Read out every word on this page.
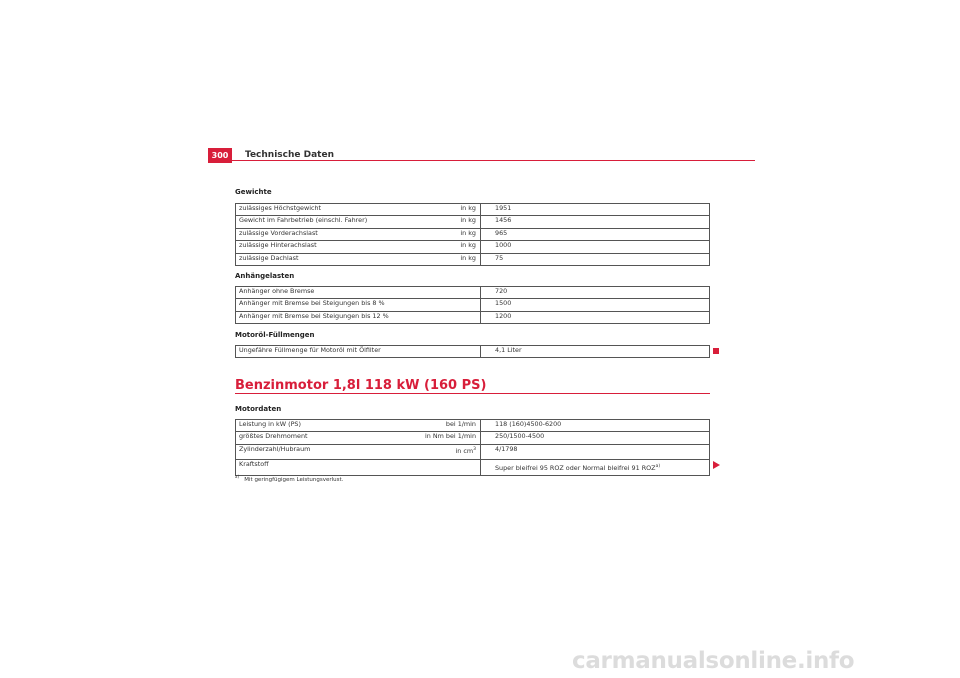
300	Technische Daten
Gewichte
zulässiges Höchstgewicht	in kg	1951
Gewicht im Fahrbetrieb (einschl. Fahrer)	in kg	1456
zulässige Vorderachslast	in kg	965
zulässige Hinterachslast	in kg	1000
zulässige Dachlast	in kg	75
Anhängelasten
Anhänger ohne Bremse	720
Anhänger mit Bremse bei Steigungen bis 8 %	1500
Anhänger mit Bremse bei Steigungen bis 12 %	1200
Motoröl-Füllmengen
Ungefähre Füllmenge für Motoröl mit Ölfilter	4,1 Liter
Benzinmotor 1,8l 118 kW (160 PS)
Motordaten
Leistung in kW (PS)	bei 1/min	118 (160)4500-6200
größtes Drehmoment	in Nm bei 1/min	250/1500-4500
Zylinderzahl/Hubraum	in $cm^3$	4/1798
Kraftstoff		Super bleifrei 95 ROZ oder Normal bleifrei 91 ROZ$^{a)}$
$^{a)}$   Mit geringfügigem Leistungsverlust.
carmanualsonline.info
